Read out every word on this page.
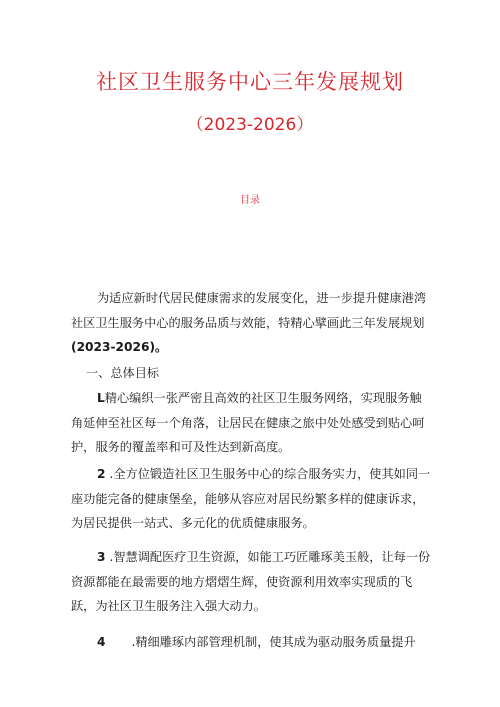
社区卫生服务中心三年发展规划
（2023-2026）
目录
为适应新时代居民健康需求的发展变化，进一步提升健康港湾社区卫生服务中心的服务品质与效能，特精心擘画此三年发展规划(2023-2026)。
一、总体目标
L精心编织一张严密且高效的社区卫生服务网络，实现服务触角延伸至社区每一个角落，让居民在健康之旅中处处感受到贴心呵护，服务的覆盖率和可及性达到新高度。
2 .全方位锻造社区卫生服务中心的综合服务实力，使其如同一座功能完备的健康堡垒，能够从容应对居民纷繁多样的健康诉求，为居民提供一站式、多元化的优质健康服务。
3 .智慧调配医疗卫生资源，如能工巧匠雕琢美玉般，让每一份资源都能在最需要的地方熠熠生辉，使资源利用效率实现质的飞跃，为社区卫生服务注入强大动力。
4 .精细雕琢内部管理机制，使其成为驱动服务质量提升
